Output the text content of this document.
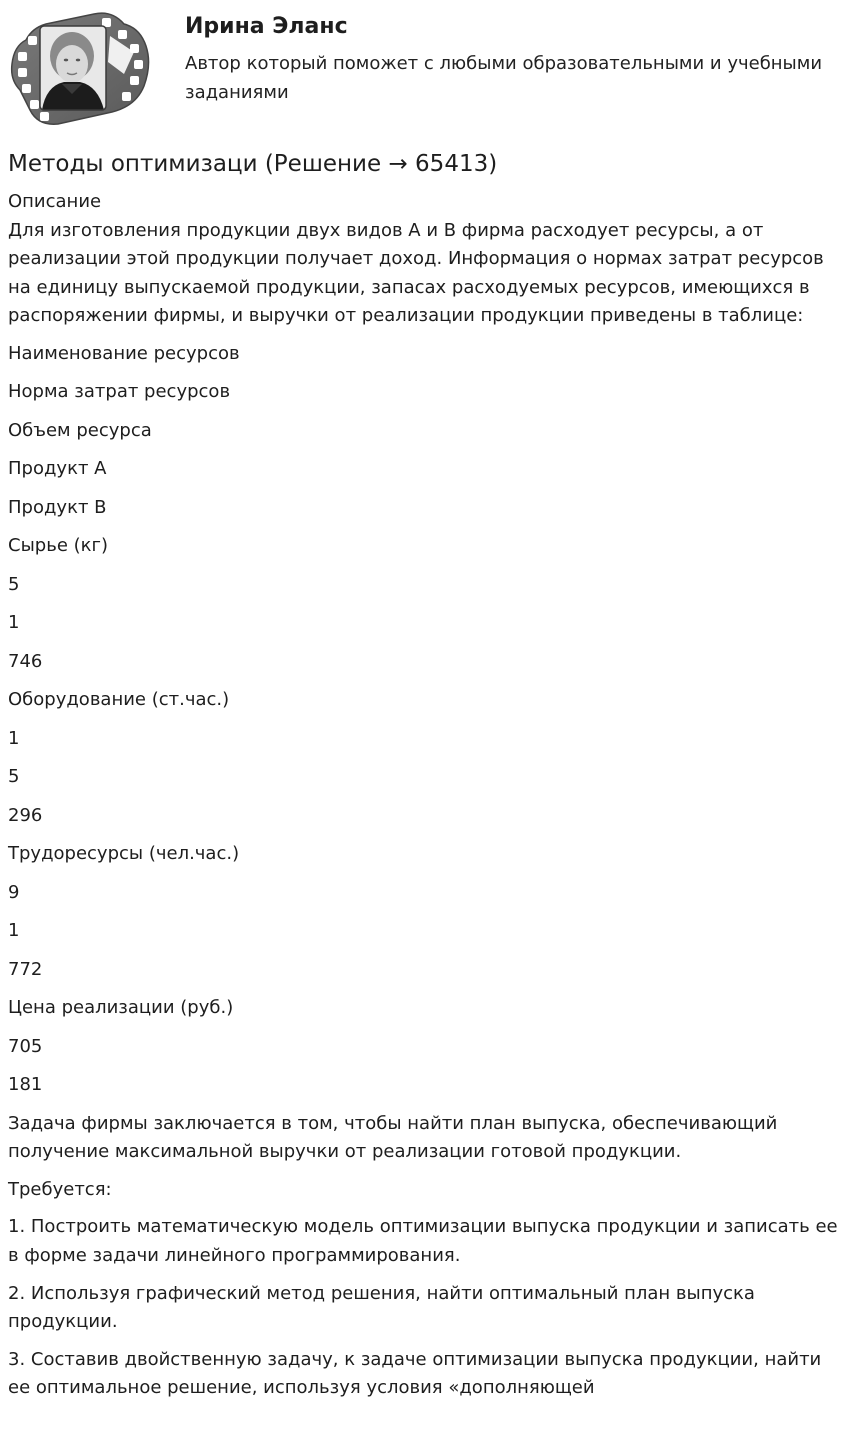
Ирина Эланс

Автор который поможет с любыми образовательными и учебными заданиями

Методы оптимизаци (Решение → 65413)
Описание
Для изготовления продукции двух видов А и В фирма расходует ресурсы, а от реализации этой продукции получает доход. Информация о нормах затрат ресурсов на единицу выпускаемой продукции, запасах расходуемых ресурсов, имеющихся в распоряжении фирмы, и выручки от реализации продукции приведены в таблице:

Наименование ресурсов

Норма затрат ресурсов

Объем ресурса

Продукт А

Продукт В

Сырье (кг)

5

1

746

Оборудование (ст.час.)

1

5

296

Трудоресурсы (чел.час.)

9

1

772

Цена реализации (руб.)

705

181

Задача фирмы заключается в том, чтобы найти план выпуска, обеспечивающий получение максимальной выручки от реализации готовой продукции.

Требуется:

1. Построить математическую модель оптимизации выпуска продукции и записать ее в форме задачи линейного программирования.

2. Используя графический метод решения, найти оптимальный план выпуска продукции.

3. Составив двойственную задачу, к задаче оптимизации выпуска продукции, найти ее оптимальное решение, используя условия «дополняющей
